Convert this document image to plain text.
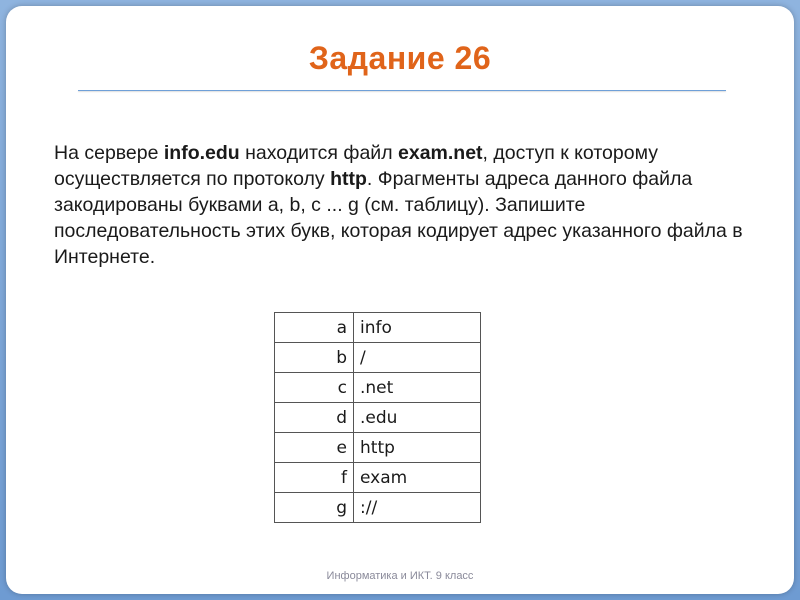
Задание 26
На сервере info.edu находится файл exam.net, доступ к которому осуществляется по протоколу http. Фрагменты адреса данного файла закодированы буквами a, b, c ... g (см. таблицу). Запишите последовательность этих букв, которая кодирует адрес указанного файла в Интернете.
a	info
b	/
c	.net
d	.edu
e	http
f	exam
g	://
Информатика и ИКТ. 9 класс
